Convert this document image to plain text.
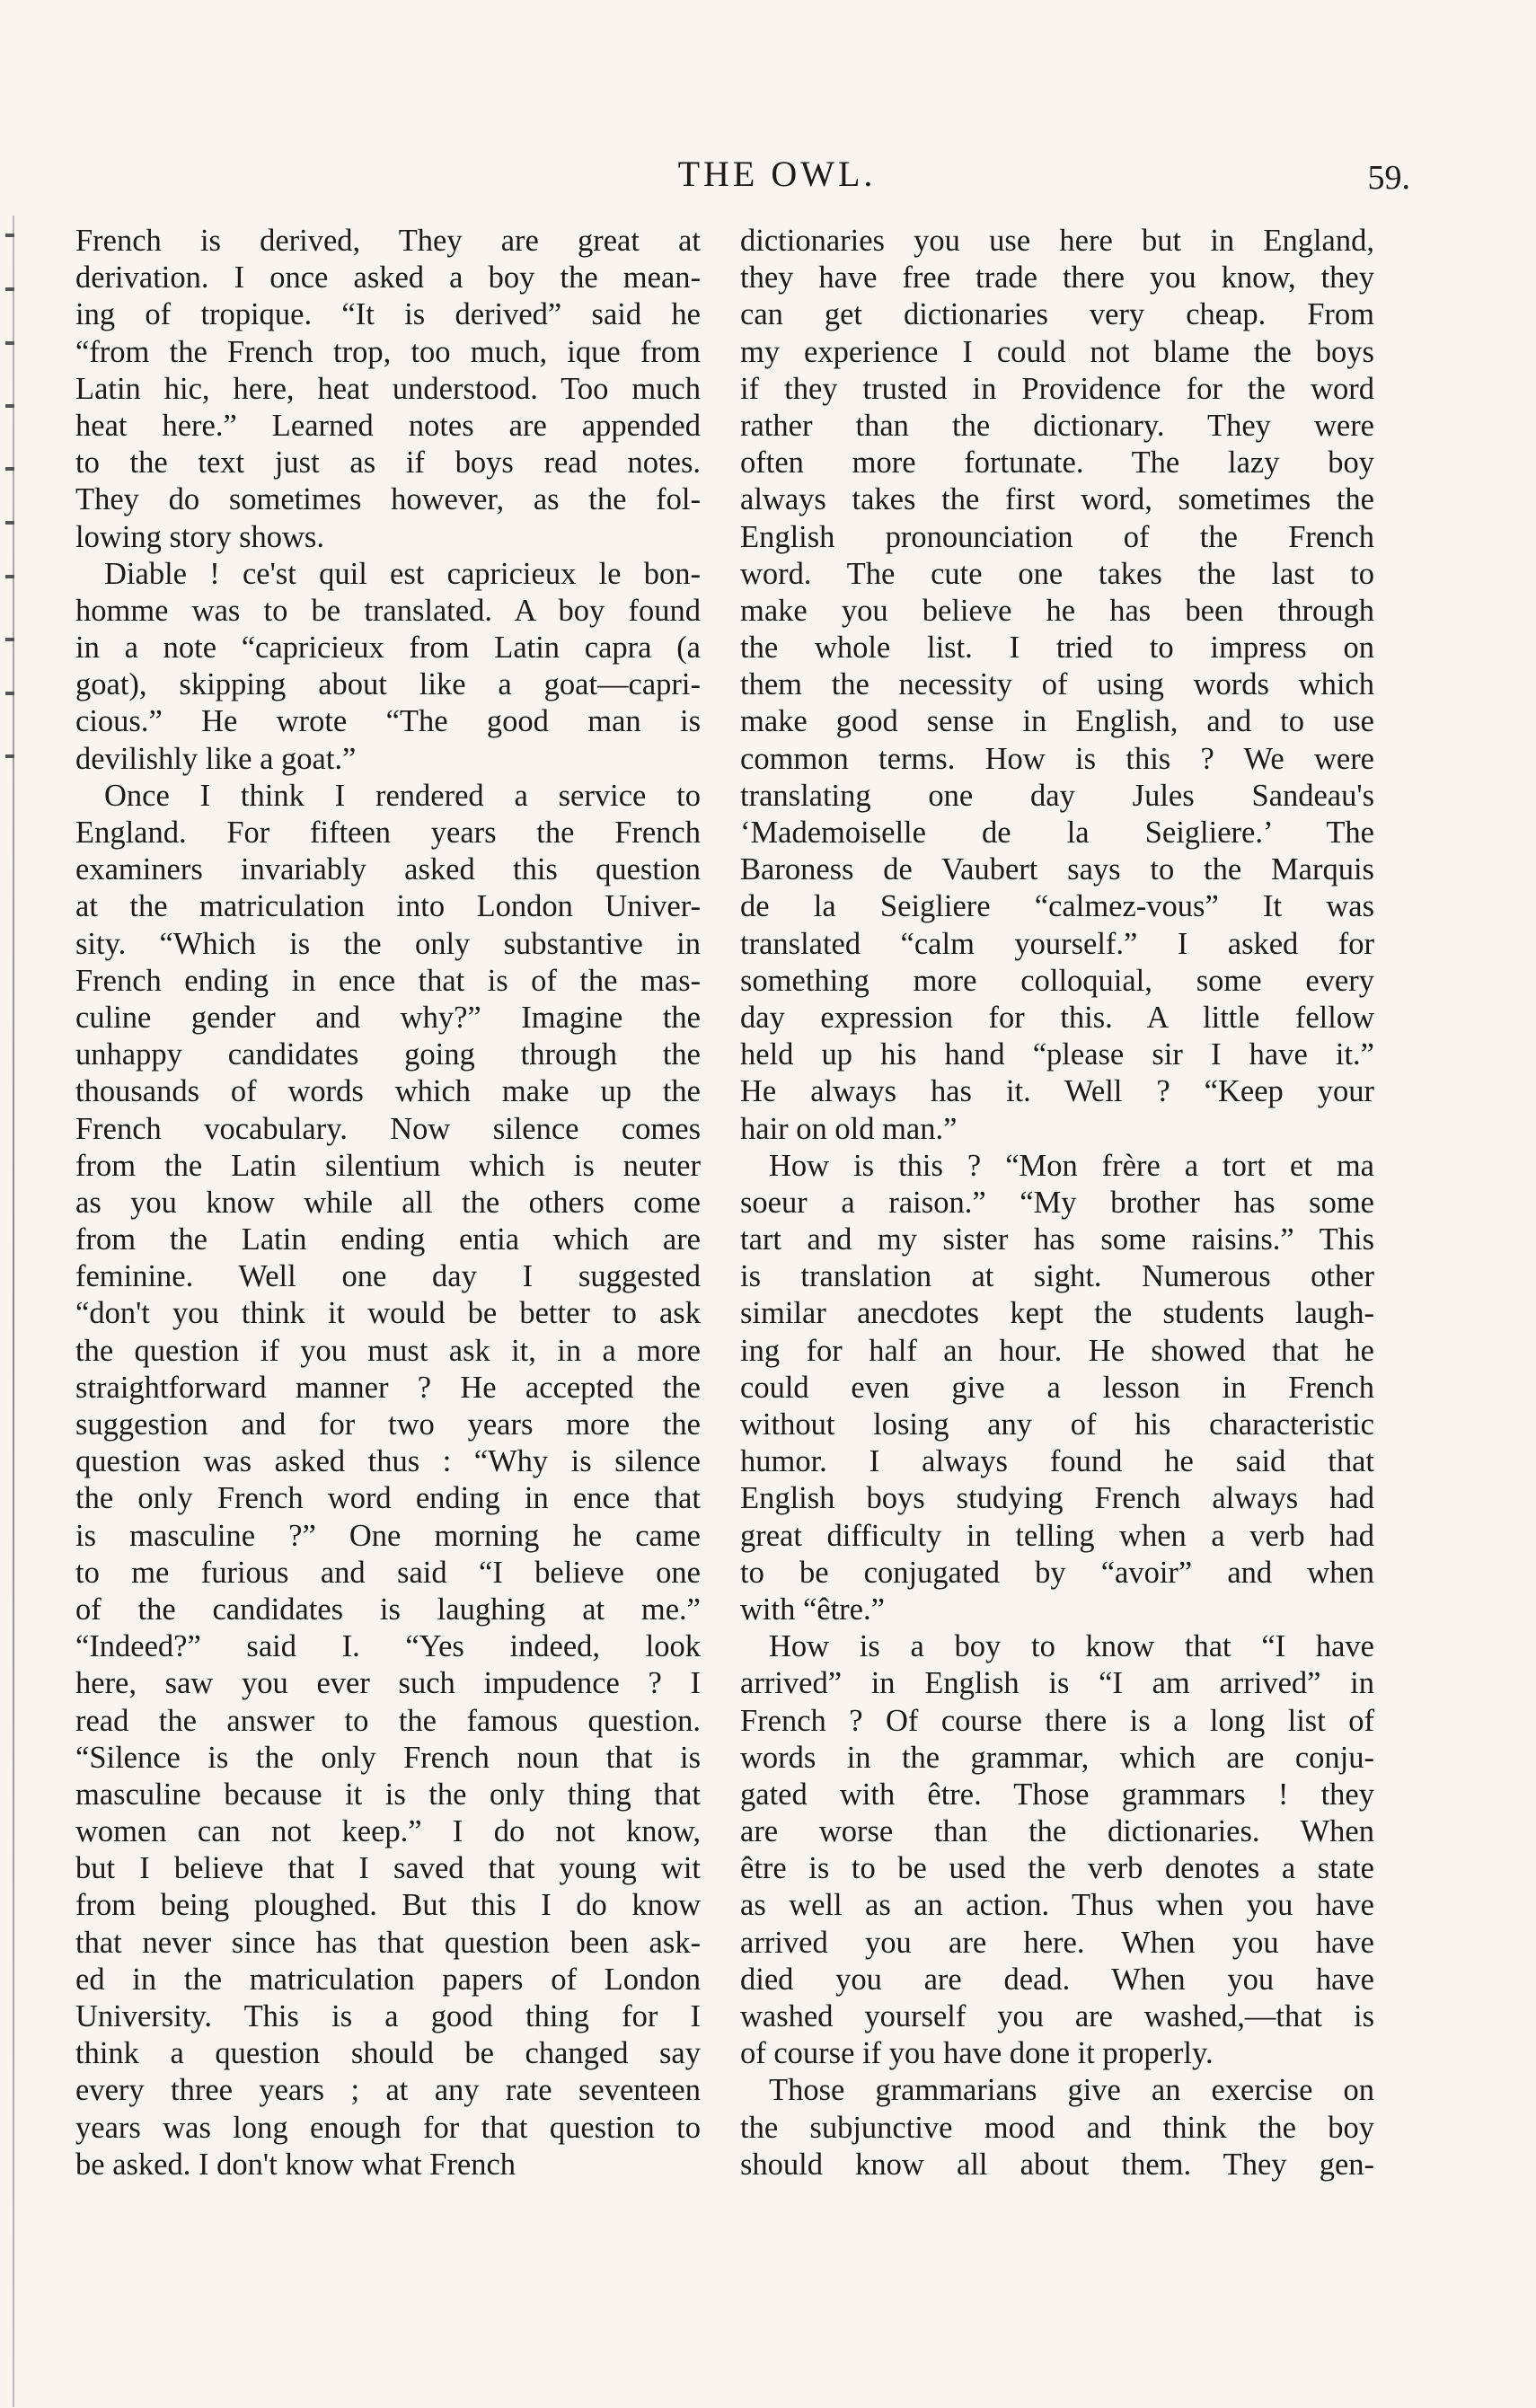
THE OWL.	59.
French is derived, They are great at
derivation. I once asked a boy the mean-
ing of tropique. “It is derived” said he
“from the French trop, too much, ique from
Latin hic, here, heat understood. Too much
heat here.” Learned notes are appended
to the text just as if boys read notes.
They do sometimes however, as the fol-
lowing story shows.
Diable ! ce'st quil est capricieux le bon-
homme was to be translated. A boy found
in a note “capricieux from Latin capra (a
goat), skipping about like a goat—capri-
cious.” He wrote “The good man is
devilishly like a goat.”
Once I think I rendered a service to
England. For fifteen years the French
examiners invariably asked this question
at the matriculation into London Univer-
sity. “Which is the only substantive in
French ending in ence that is of the mas-
culine gender and why?” Imagine the
unhappy candidates going through the
thousands of words which make up the
French vocabulary. Now silence comes
from the Latin silentium which is neuter
as you know while all the others come
from the Latin ending entia which are
feminine. Well one day I suggested
“don't you think it would be better to ask
the question if you must ask it, in a more
straightforward manner ? He accepted the
suggestion and for two years more the
question was asked thus : “Why is silence
the only French word ending in ence that
is masculine ?” One morning he came
to me furious and said “I believe one
of the candidates is laughing at me.”
“Indeed?” said I. “Yes indeed, look
here, saw you ever such impudence ? I
read the answer to the famous question.
“Silence is the only French noun that is
masculine because it is the only thing that
women can not keep.” I do not know,
but I believe that I saved that young wit
from being ploughed. But this I do know
that never since has that question been ask-
ed in the matriculation papers of London
University. This is a good thing for I
think a question should be changed say
every three years ; at any rate seventeen
years was long enough for that question to
be asked. I don't know what French
dictionaries you use here but in England,
they have free trade there you know, they
can get dictionaries very cheap. From
my experience I could not blame the boys
if they trusted in Providence for the word
rather than the dictionary. They were
often more fortunate. The lazy boy
always takes the first word, sometimes the
English pronounciation of the French
word. The cute one takes the last to
make you believe he has been through
the whole list. I tried to impress on
them the necessity of using words which
make good sense in English, and to use
common terms. How is this ? We were
translating one day Jules Sandeau's
‘Mademoiselle de la Seigliere.’ The
Baroness de Vaubert says to the Marquis
de la Seigliere “calmez-vous” It was
translated “calm yourself.” I asked for
something more colloquial, some every
day expression for this. A little fellow
held up his hand “please sir I have it.”
He always has it. Well ? “Keep your
hair on old man.”
How is this ? “Mon frère a tort et ma
soeur a raison.” “My brother has some
tart and my sister has some raisins.” This
is translation at sight. Numerous other
similar anecdotes kept the students laugh-
ing for half an hour. He showed that he
could even give a lesson in French
without losing any of his characteristic
humor. I always found he said that
English boys studying French always had
great difficulty in telling when a verb had
to be conjugated by “avoir” and when
with “être.”
How is a boy to know that “I have
arrived” in English is “I am arrived” in
French ? Of course there is a long list of
words in the grammar, which are conju-
gated with être. Those grammars ! they
are worse than the dictionaries. When
être is to be used the verb denotes a state
as well as an action. Thus when you have
arrived you are here. When you have
died you are dead. When you have
washed yourself you are washed,—that is
of course if you have done it properly.
Those grammarians give an exercise on
the subjunctive mood and think the boy
should know all about them. They gen-
